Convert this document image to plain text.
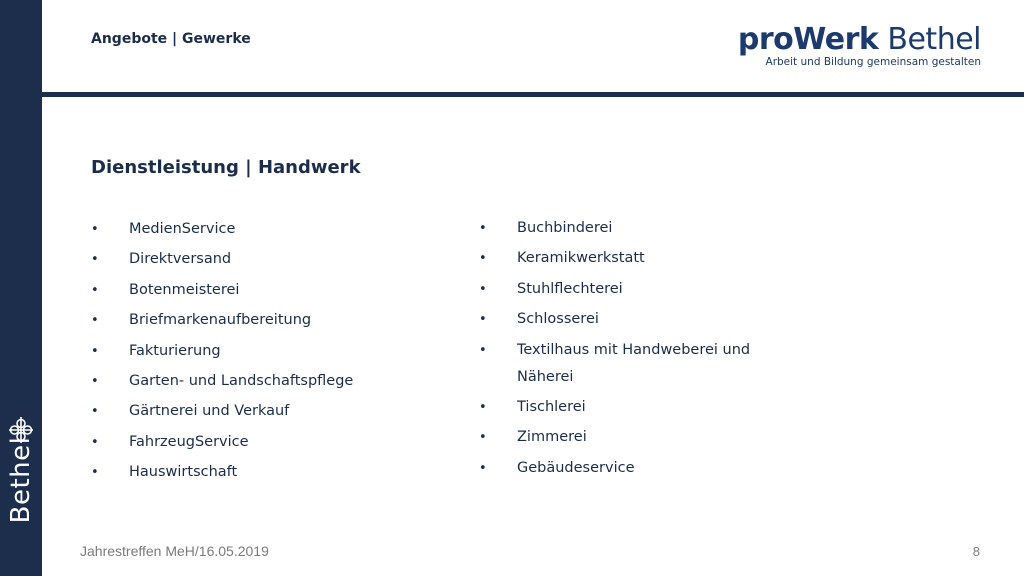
Bethel
Angebote | Gewerke	proWerk Bethel
Arbeit und Bildung gemeinsam gestalten
Dienstleistung | Handwerk
• MedienService
• Direktversand
• Botenmeisterei
• Briefmarkenaufbereitung
• Fakturierung
• Garten- und Landschaftspflege
• Gärtnerei und Verkauf
• FahrzeugService
• Hauswirtschaft
• Buchbinderei
• Keramikwerkstatt
• Stuhlflechterei
• Schlosserei
• Textilhaus mit Handweberei und Näherei
• Tischlerei
• Zimmerei
• Gebäudeservice
Jahrestreffen MeH/16.05.2019	8
